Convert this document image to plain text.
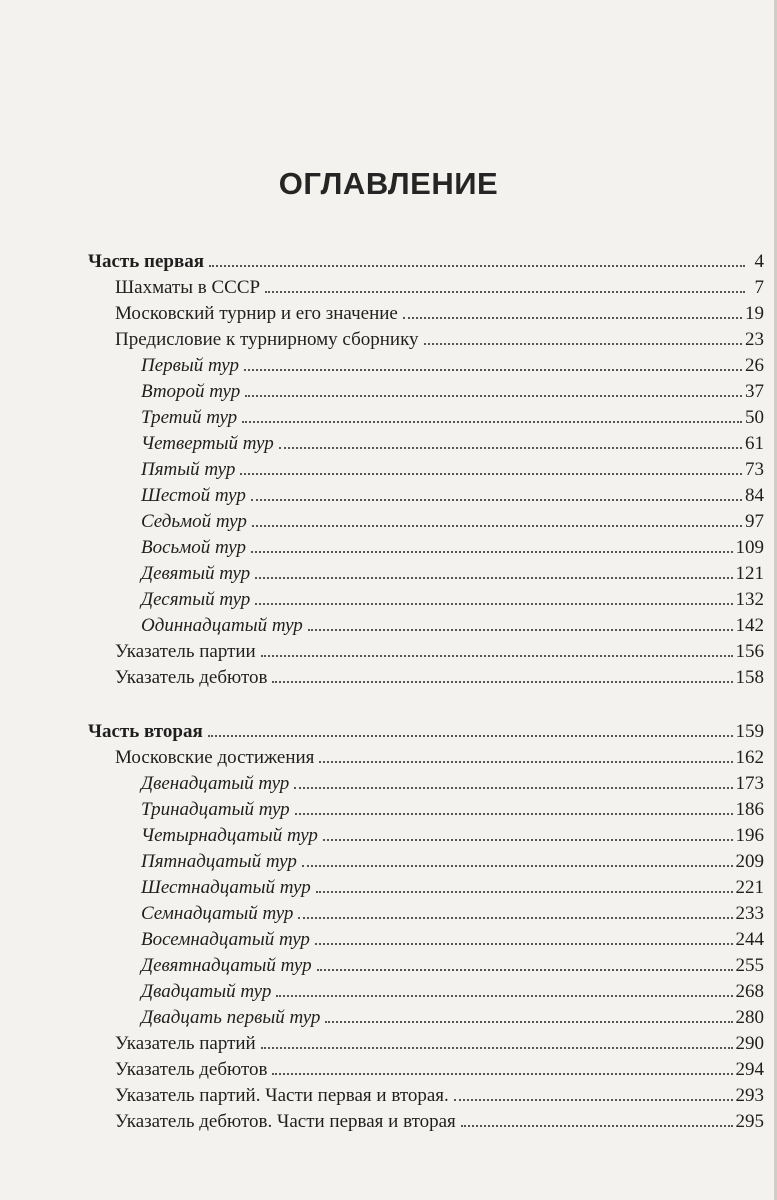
ОГЛАВЛЕНИЕ
Часть первая	4
Шахматы в СССР	7
Московский турнир и его значение	19
Предисловие к турнирному сборнику	23
Первый тур	26
Второй тур	37
Третий тур	50
Четвертый тур	61
Пятый тур	73
Шестой тур	84
Седьмой тур	97
Восьмой тур	109
Девятый тур	121
Десятый тур	132
Одиннадцатый тур	142
Указатель партии	156
Указатель дебютов	158
Часть вторая	159
Московские достижения	162
Двенадцатый тур	173
Тринадцатый тур	186
Четырнадцатый тур	196
Пятнадцатый тур	209
Шестнадцатый тур	221
Семнадцатый тур	233
Восемнадцатый тур	244
Девятнадцатый тур	255
Двадцатый тур	268
Двадцать первый тур	280
Указатель партий	290
Указатель дебютов	294
Указатель партий. Части первая и вторая.	293
Указатель дебютов. Части первая и вторая	295
